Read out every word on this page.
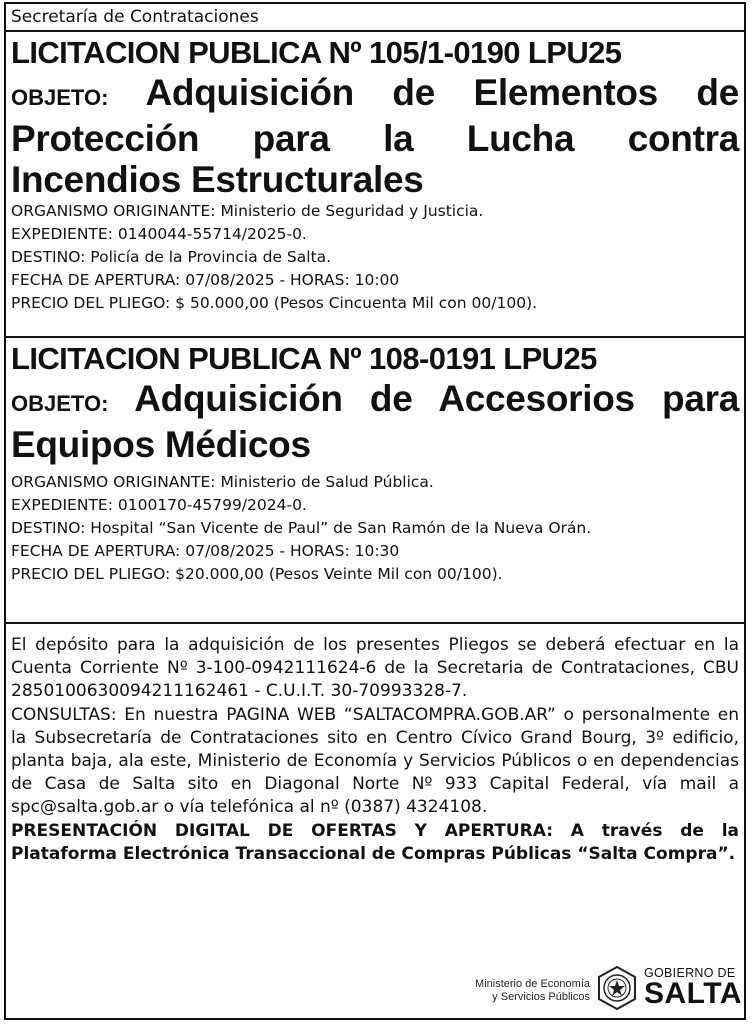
Secretaría de Contrataciones
LICITACION PUBLICA Nº 105/1-0190 LPU25
OBJETO: Adquisición de Elementos de Protección para la Lucha contra Incendios Estructurales
ORGANISMO ORIGINANTE: Ministerio de Seguridad y Justicia.
EXPEDIENTE: 0140044-55714/2025-0.
DESTINO: Policía de la Provincia de Salta.
FECHA DE APERTURA: 07/08/2025 - HORAS: 10:00
PRECIO DEL PLIEGO: $ 50.000,00 (Pesos Cincuenta Mil con 00/100).
LICITACION PUBLICA Nº 108-0191 LPU25
OBJETO: Adquisición de Accesorios para Equipos Médicos
ORGANISMO ORIGINANTE: Ministerio de Salud Pública.
EXPEDIENTE: 0100170-45799/2024-0.
DESTINO: Hospital “San Vicente de Paul” de San Ramón de la Nueva Orán.
FECHA DE APERTURA: 07/08/2025 - HORAS: 10:30
PRECIO DEL PLIEGO: $20.000,00 (Pesos Veinte Mil con 00/100).

El depósito para la adquisición de los presentes Pliegos se deberá efectuar en la Cuenta Corriente Nº 3-100-0942111624-6 de la Secretaria de Contrataciones, CBU 2850100630094211162461 - C.U.I.T. 30-70993328-7.

CONSULTAS: En nuestra PAGINA WEB “SALTACOMPRA.GOB.AR” o personalmente en la Subsecretaría de Contrataciones sito en Centro Cívico Grand Bourg, 3º edificio, planta baja, ala este, Ministerio de Economía y Servicios Públicos o en dependencias de Casa de Salta sito en Diagonal Norte Nº 933 Capital Federal, vía mail a spc@salta.gob.ar o vía telefónica al nº (0387) 4324108.

PRESENTACIÓN DIGITAL DE OFERTAS Y APERTURA: A través de la Plataforma Electrónica Transaccional de Compras Públicas “Salta Compra”.

Ministerio de Economía
y Servicios Públicos
GOBIERNO DE
SALTA
